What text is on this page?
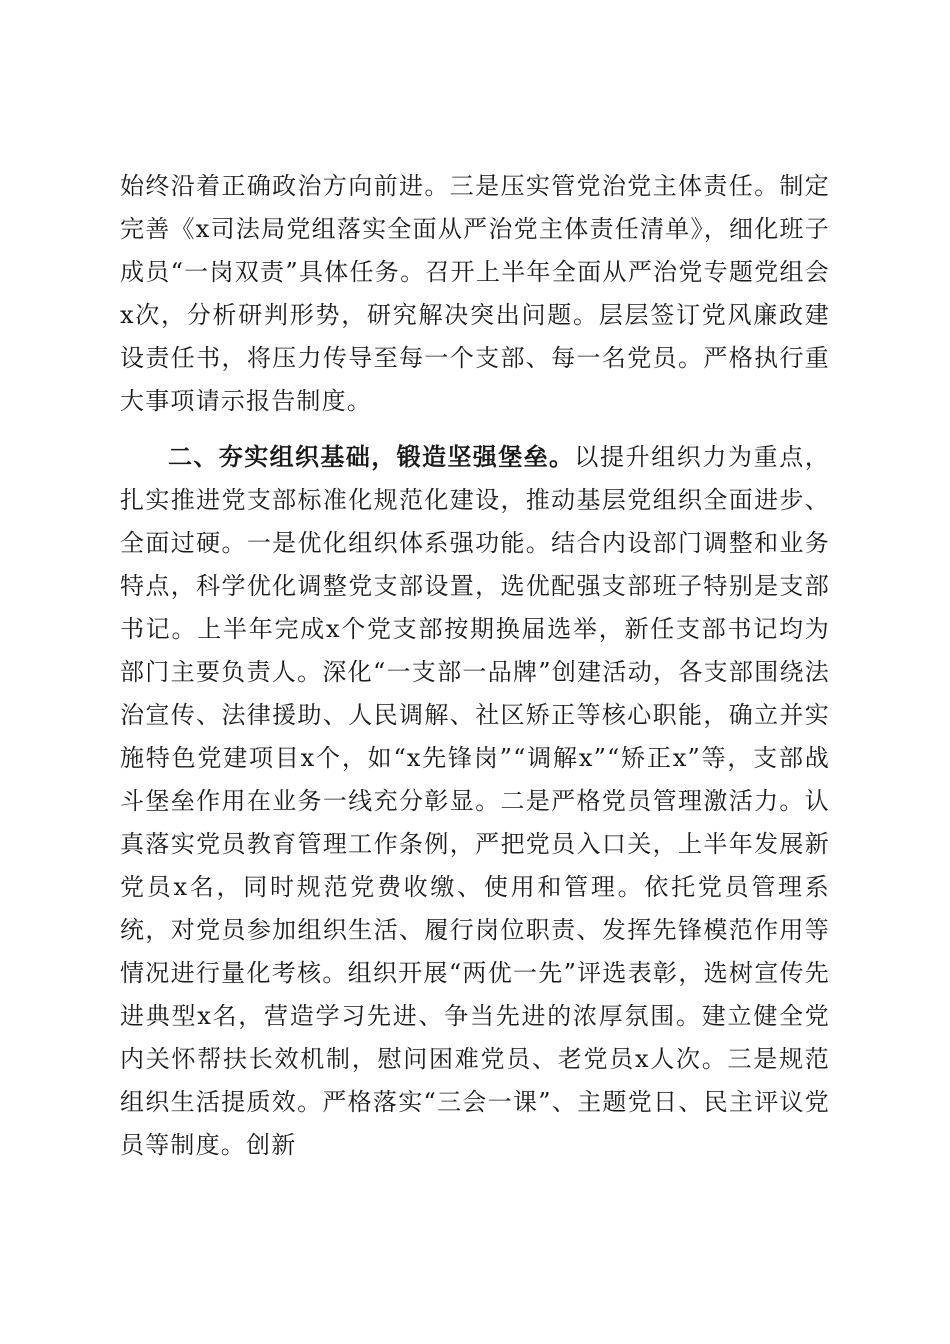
始终沿着正确政治方向前进。三是压实管党治党主体责任。制定完善《x司法局党组落实全面从严治党主体责任清单》，细化班子成员“一岗双责”具体任务。召开上半年全面从严治党专题党组会x次，分析研判形势，研究解决突出问题。层层签订党风廉政建设责任书，将压力传导至每一个支部、每一名党员。严格执行重大事项请示报告制度。

二、夯实组织基础，锻造坚强堡垒。以提升组织力为重点，扎实推进党支部标准化规范化建设，推动基层党组织全面进步、全面过硬。一是优化组织体系强功能。结合内设部门调整和业务特点，科学优化调整党支部设置，选优配强支部班子特别是支部书记。上半年完成x个党支部按期换届选举，新任支部书记均为部门主要负责人。深化“一支部一品牌”创建活动，各支部围绕法治宣传、法律援助、人民调解、社区矫正等核心职能，确立并实施特色党建项目x个，如“x先锋岗”“调解x”“矫正x”等，支部战斗堡垒作用在业务一线充分彰显。二是严格党员管理激活力。认真落实党员教育管理工作条例，严把党员入口关，上半年发展新党员x名，同时规范党费收缴、使用和管理。依托党员管理系统，对党员参加组织生活、履行岗位职责、发挥先锋模范作用等情况进行量化考核。组织开展“两优一先”评选表彰，选树宣传先进典型x名，营造学习先进、争当先进的浓厚氛围。建立健全党内关怀帮扶长效机制，慰问困难党员、老党员x人次。三是规范组织生活提质效。严格落实“三会一课”、主题党日、民主评议党员等制度。创新
